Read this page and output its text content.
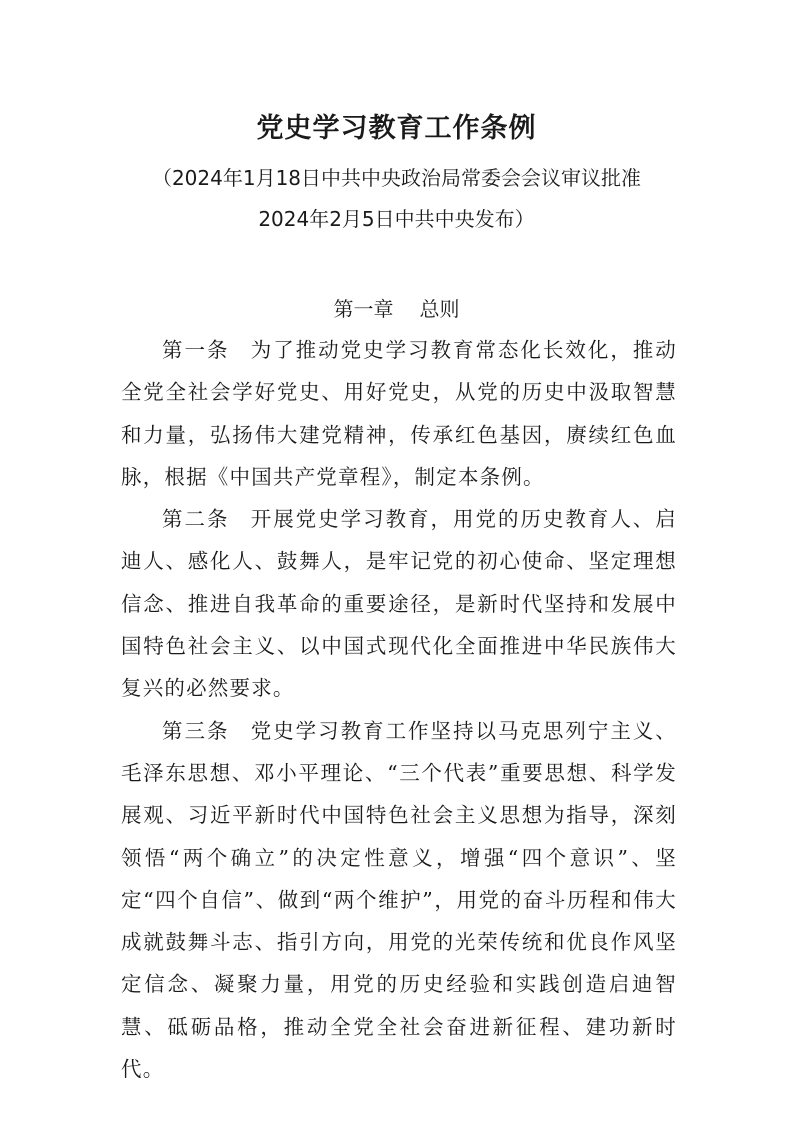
党史学习教育工作条例
（2024年1月18日中共中央政治局常委会会议审议批准
2024年2月5日中共中央发布）
第一章 总则

第一条 为了推动党史学习教育常态化长效化，推动全党全社会学好党史、用好党史，从党的历史中汲取智慧和力量，弘扬伟大建党精神，传承红色基因，赓续红色血脉，根据《中国共产党章程》，制定本条例。

第二条 开展党史学习教育，用党的历史教育人、启迪人、感化人、鼓舞人，是牢记党的初心使命、坚定理想信念、推进自我革命的重要途径，是新时代坚持和发展中国特色社会主义、以中国式现代化全面推进中华民族伟大复兴的必然要求。

第三条 党史学习教育工作坚持以马克思列宁主义、毛泽东思想、邓小平理论、“三个代表”重要思想、科学发展观、习近平新时代中国特色社会主义思想为指导，深刻领悟“两个确立”的决定性意义，增强“四个意识”、坚定“四个自信”、做到“两个维护”，用党的奋斗历程和伟大成就鼓舞斗志、指引方向，用党的光荣传统和优良作风坚定信念、凝聚力量，用党的历史经验和实践创造启迪智慧、砥砺品格，推动全党全社会奋进新征程、建功新时代。
